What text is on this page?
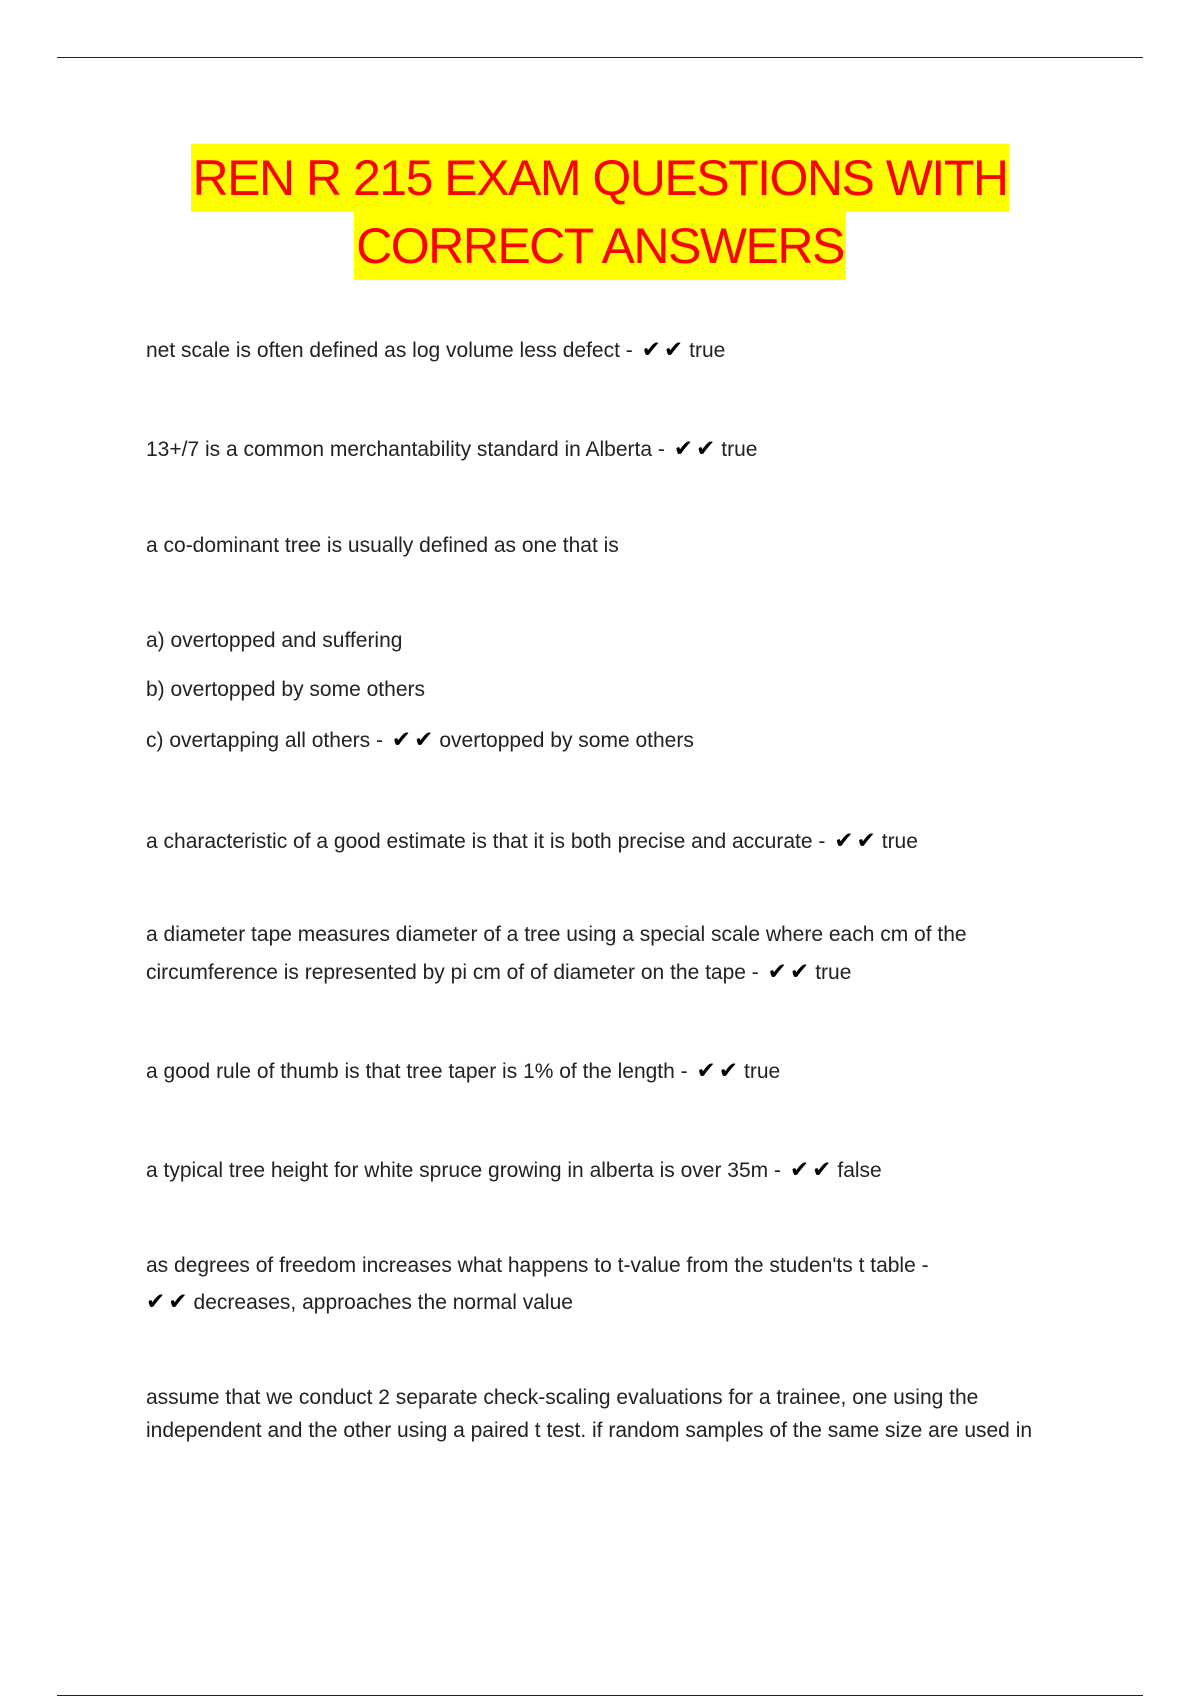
REN R 215 EXAM QUESTIONS WITH
CORRECT ANSWERS
net scale is often defined as log volume less defect - ✔✔ true
13+/7 is a common merchantability standard in Alberta - ✔✔ true
a co-dominant tree is usually defined as one that is
a) overtopped and suffering
b) overtopped by some others
c) overtapping all others - ✔✔ overtopped by some others
a characteristic of a good estimate is that it is both precise and accurate - ✔✔ true
a diameter tape measures diameter of a tree using a special scale where each cm of the
circumference is represented by pi cm of of diameter on the tape - ✔✔ true
a good rule of thumb is that tree taper is 1% of the length - ✔✔ true
a typical tree height for white spruce growing in alberta is over 35m - ✔✔ false
as degrees of freedom increases what happens to t-value from the studen'ts t table -
✔✔ decreases, approaches the normal value
assume that we conduct 2 separate check-scaling evaluations for a trainee, one using the
independent and the other using a paired t test. if random samples of the same size are used in
